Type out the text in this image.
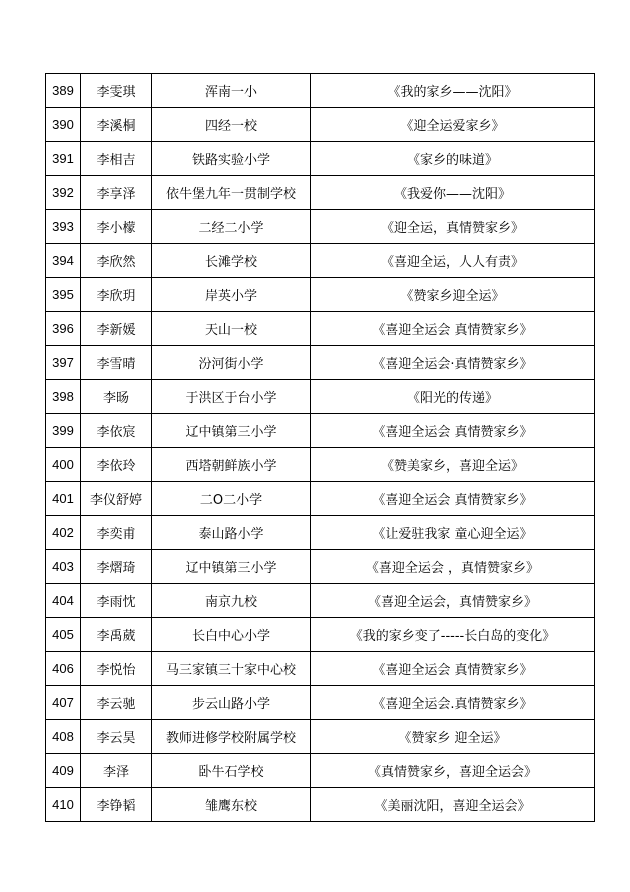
389	李雯琪	浑南一小	《我的家乡——沈阳》
390	李溪桐	四经一校	《迎全运爱家乡》
391	李相吉	铁路实验小学	《家乡的味道》
392	李享泽	依牛堡九年一贯制学校	《我爱你——沈阳》
393	李小檬	二经二小学	《迎全运，真情赞家乡》
394	李欣然	长滩学校	《喜迎全运，人人有责》
395	李欣玥	岸英小学	《赞家乡迎全运》
396	李新媛	天山一校	《喜迎全运会 真情赞家乡》
397	李雪晴	汾河街小学	《喜迎全运会·真情赞家乡》
398	李旸	于洪区于台小学	《阳光的传递》
399	李依宸	辽中镇第三小学	《喜迎全运会 真情赞家乡》
400	李依玲	西塔朝鲜族小学	《赞美家乡，喜迎全运》
401	李仪舒婷	二O二小学	《喜迎全运会 真情赞家乡》
402	李奕甫	泰山路小学	《让爱驻我家 童心迎全运》
403	李熠琦	辽中镇第三小学	《喜迎全运会 ，真情赞家乡》
404	李雨忱	南京九校	《喜迎全运会，真情赞家乡》
405	李禹葳	长白中心小学	《我的家乡变了-----长白岛的变化》
406	李悦怡	马三家镇三十家中心校	《喜迎全运会 真情赞家乡》
407	李云驰	步云山路小学	《喜迎全运会.真情赞家乡》
408	李云昊	教师进修学校附属学校	《赞家乡 迎全运》
409	李泽	卧牛石学校	《真情赞家乡，喜迎全运会》
410	李铮韬	雏鹰东校	《美丽沈阳，喜迎全运会》
